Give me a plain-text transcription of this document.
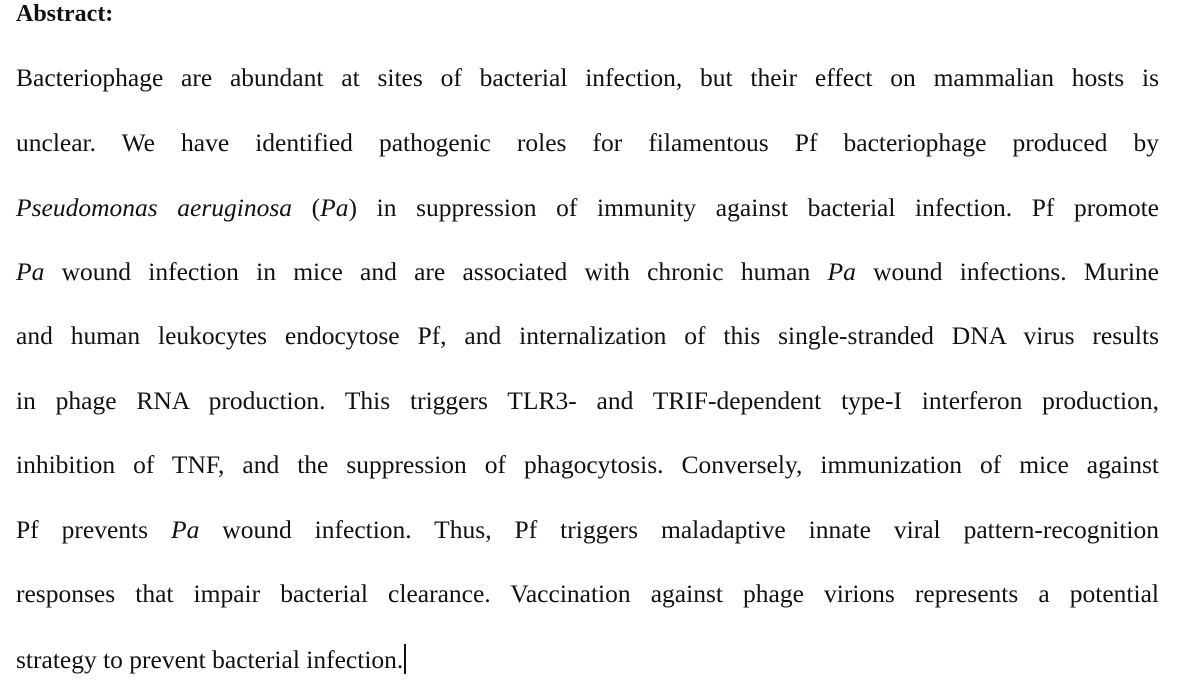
Abstract:
Bacteriophage are abundant at sites of bacterial infection, but their effect on mammalian hosts is
unclear. We have identified pathogenic roles for filamentous Pf bacteriophage produced by
Pseudomonas aeruginosa (Pa) in suppression of immunity against bacterial infection. Pf promote
Pa wound infection in mice and are associated with chronic human Pa wound infections. Murine
and human leukocytes endocytose Pf, and internalization of this single-stranded DNA virus results
in phage RNA production. This triggers TLR3- and TRIF-dependent type-I interferon production,
inhibition of TNF, and the suppression of phagocytosis. Conversely, immunization of mice against
Pf prevents Pa wound infection. Thus, Pf triggers maladaptive innate viral pattern-recognition
responses that impair bacterial clearance. Vaccination against phage virions represents a potential
strategy to prevent bacterial infection.
